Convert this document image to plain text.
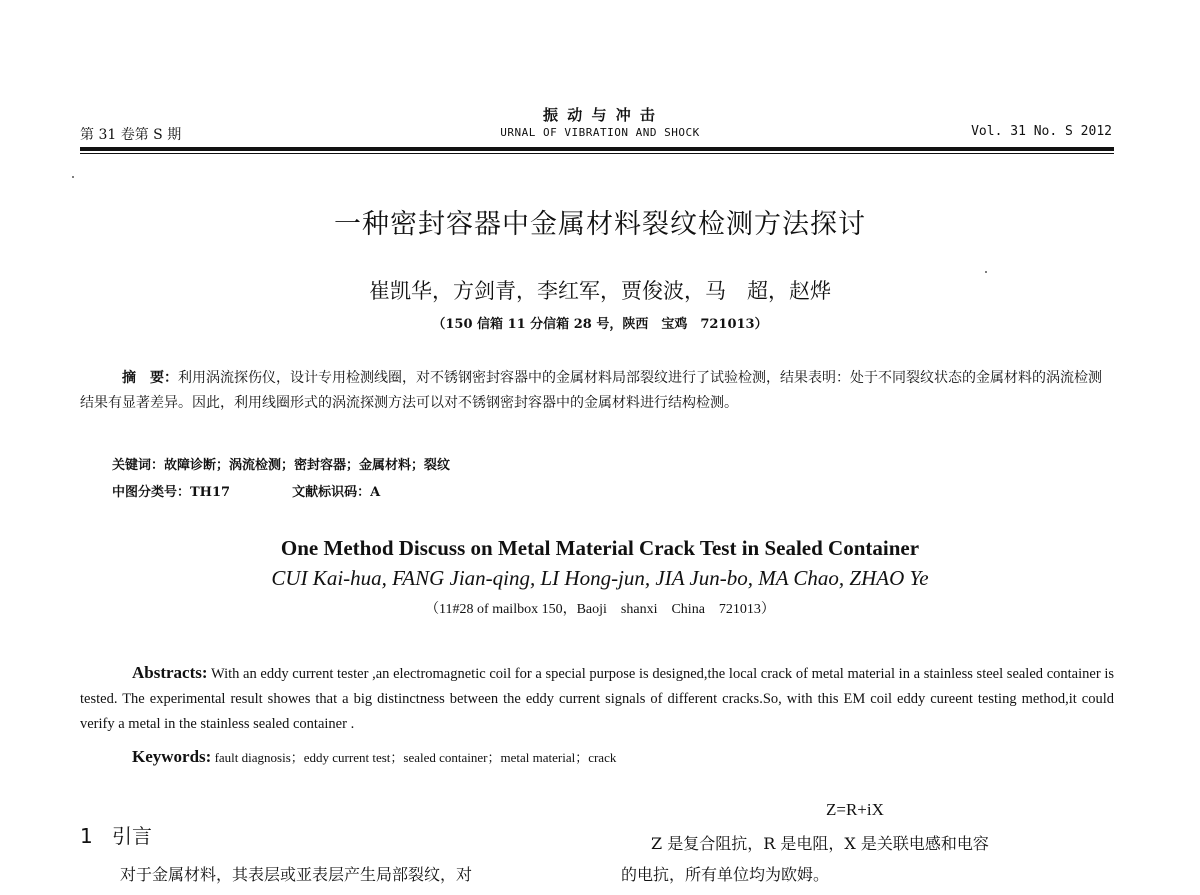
振 动 与 冲 击
第 31 卷第 S 期	URNAL OF VIBRATION AND SHOCK	Vol. 31 No. S 2012
一种密封容器中金属材料裂纹检测方法探讨
崔凯华，方剑青，李红军，贾俊波，马　超，赵烨
（150 信箱 11 分信箱 28 号，陕西　宝鸡　721013）
摘　要：利用涡流探伤仪，设计专用检测线圈，对不锈钢密封容器中的金属材料局部裂纹进行了试验检测，结果表明：处于不同裂纹状态的金属材料的涡流检测结果有显著差异。因此，利用线圈形式的涡流探测方法可以对不锈钢密封容器中的金属材料进行结构检测。
关键词：故障诊断；涡流检测；密封容器；金属材料；裂纹
中图分类号：TH17	文献标识码：A
One Method Discuss on Metal Material Crack Test in Sealed Container
CUI Kai-hua, FANG Jian-qing, LI Hong-jun, JIA Jun-bo, MA Chao, ZHAO Ye
（11#28 of mailbox 150，Baoji　shanxi　China　721013）
Abstracts: With an eddy current tester ,an electromagnetic coil for a special purpose is designed,the local crack of metal material in a stainless steel sealed container is tested. The experimental result showes that a big distinctness between the eddy current signals of different cracks.So, with this EM coil eddy cureent testing method,it could verify a metal in the stainless sealed container .
Keywords: fault diagnosis；eddy current test；sealed container；metal material；crack
1 引言
对于金属材料，其表层或亚表层产生局部裂纹，对
Z=R+iX
Z 是复合阻抗，R 是电阻，X 是关联电感和电容
的电抗，所有单位均为欧姆。
